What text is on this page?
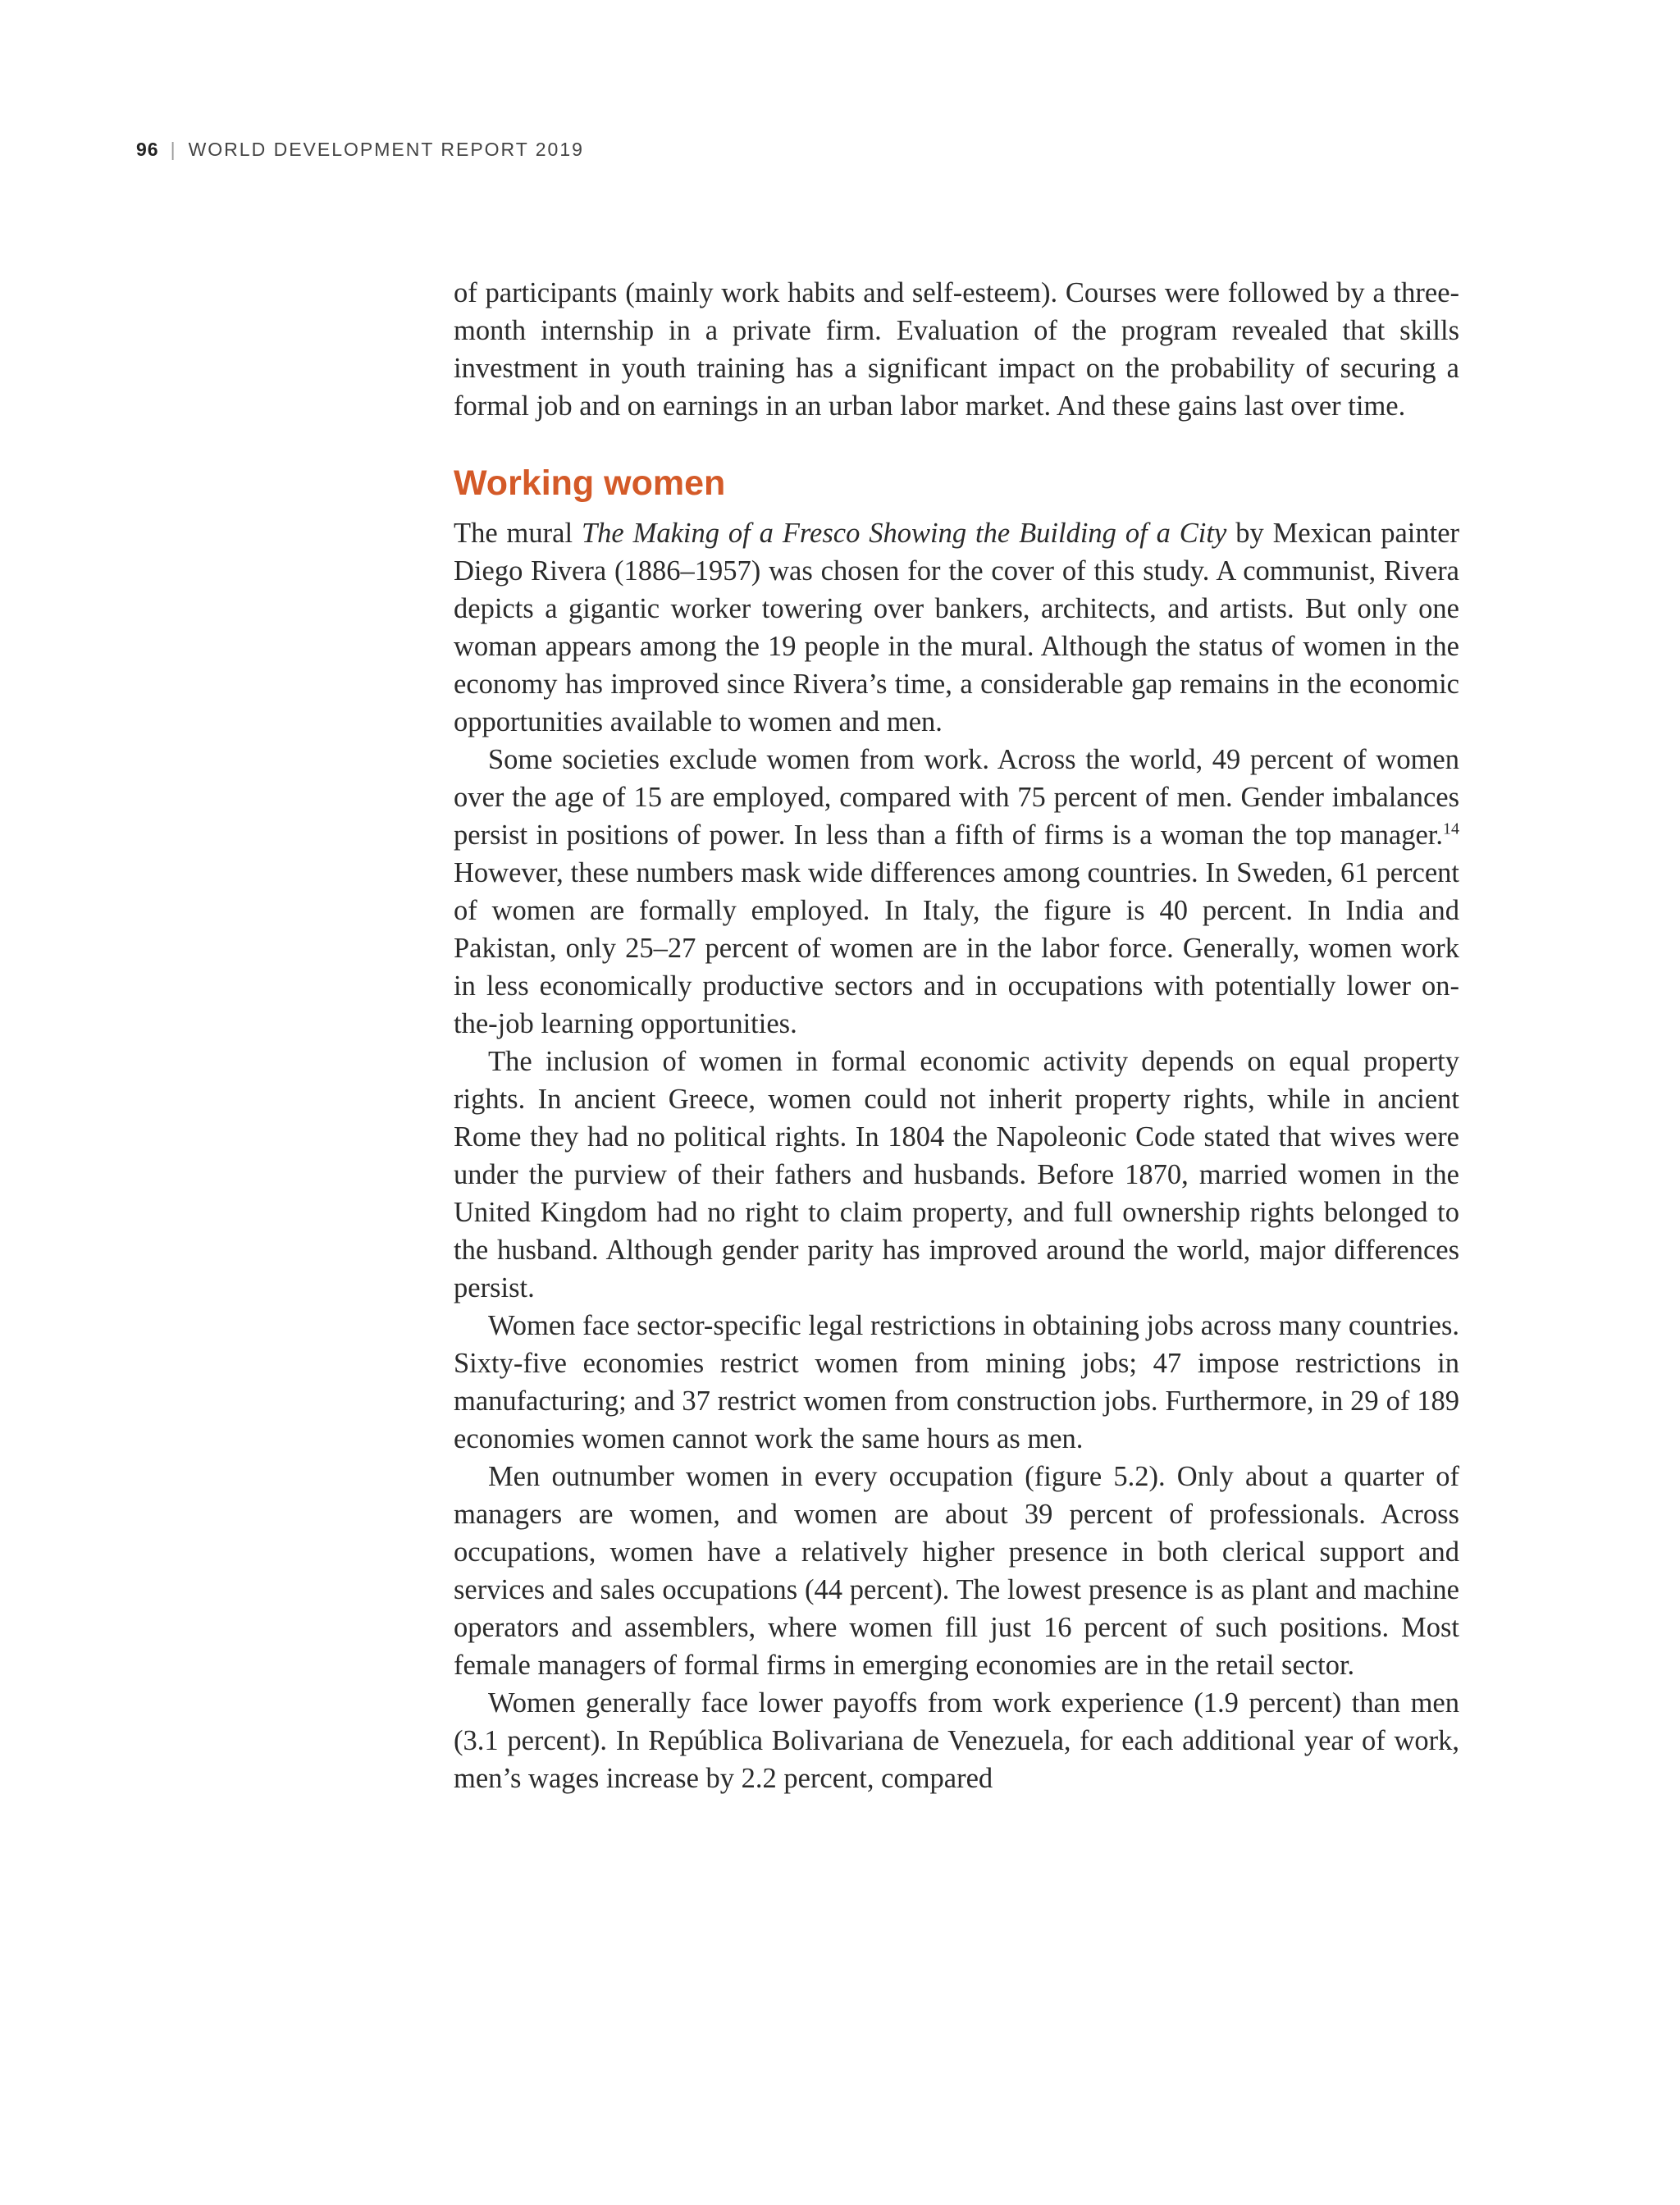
96 | WORLD DEVELOPMENT REPORT 2019

of participants (mainly work habits and self-esteem). Courses were followed by a three-month internship in a private firm. Evaluation of the program revealed that skills investment in youth training has a significant impact on the probability of securing a formal job and on earnings in an urban labor market. And these gains last over time.

Working women

The mural The Making of a Fresco Showing the Building of a City by Mexican painter Diego Rivera (1886–1957) was chosen for the cover of this study. A communist, Rivera depicts a gigantic worker towering over bankers, architects, and artists. But only one woman appears among the 19 people in the mural. Although the status of women in the economy has improved since Rivera’s time, a considerable gap remains in the economic opportunities available to women and men.

Some societies exclude women from work. Across the world, 49 percent of women over the age of 15 are employed, compared with 75 percent of men. Gender imbalances persist in positions of power. In less than a fifth of firms is a woman the top manager.$^{14}$ However, these numbers mask wide differences among countries. In Sweden, 61 percent of women are formally employed. In Italy, the figure is 40 percent. In India and Pakistan, only 25–27 percent of women are in the labor force. Generally, women work in less economically productive sectors and in occupations with potentially lower on-the-job learning opportunities.

The inclusion of women in formal economic activity depends on equal property rights. In ancient Greece, women could not inherit property rights, while in ancient Rome they had no political rights. In 1804 the Napoleonic Code stated that wives were under the purview of their fathers and husbands. Before 1870, married women in the United Kingdom had no right to claim property, and full ownership rights belonged to the husband. Although gender parity has improved around the world, major differences persist.

Women face sector-specific legal restrictions in obtaining jobs across many countries. Sixty-five economies restrict women from mining jobs; 47 impose restrictions in manufacturing; and 37 restrict women from construction jobs. Furthermore, in 29 of 189 economies women cannot work the same hours as men.

Men outnumber women in every occupation (figure 5.2). Only about a quarter of managers are women, and women are about 39 percent of professionals. Across occupations, women have a relatively higher presence in both clerical support and services and sales occupations (44 percent). The lowest presence is as plant and machine operators and assemblers, where women fill just 16 percent of such positions. Most female managers of formal firms in emerging economies are in the retail sector.

Women generally face lower payoffs from work experience (1.9 percent) than men (3.1 percent). In República Bolivariana de Venezuela, for each additional year of work, men’s wages increase by 2.2 percent, compared
